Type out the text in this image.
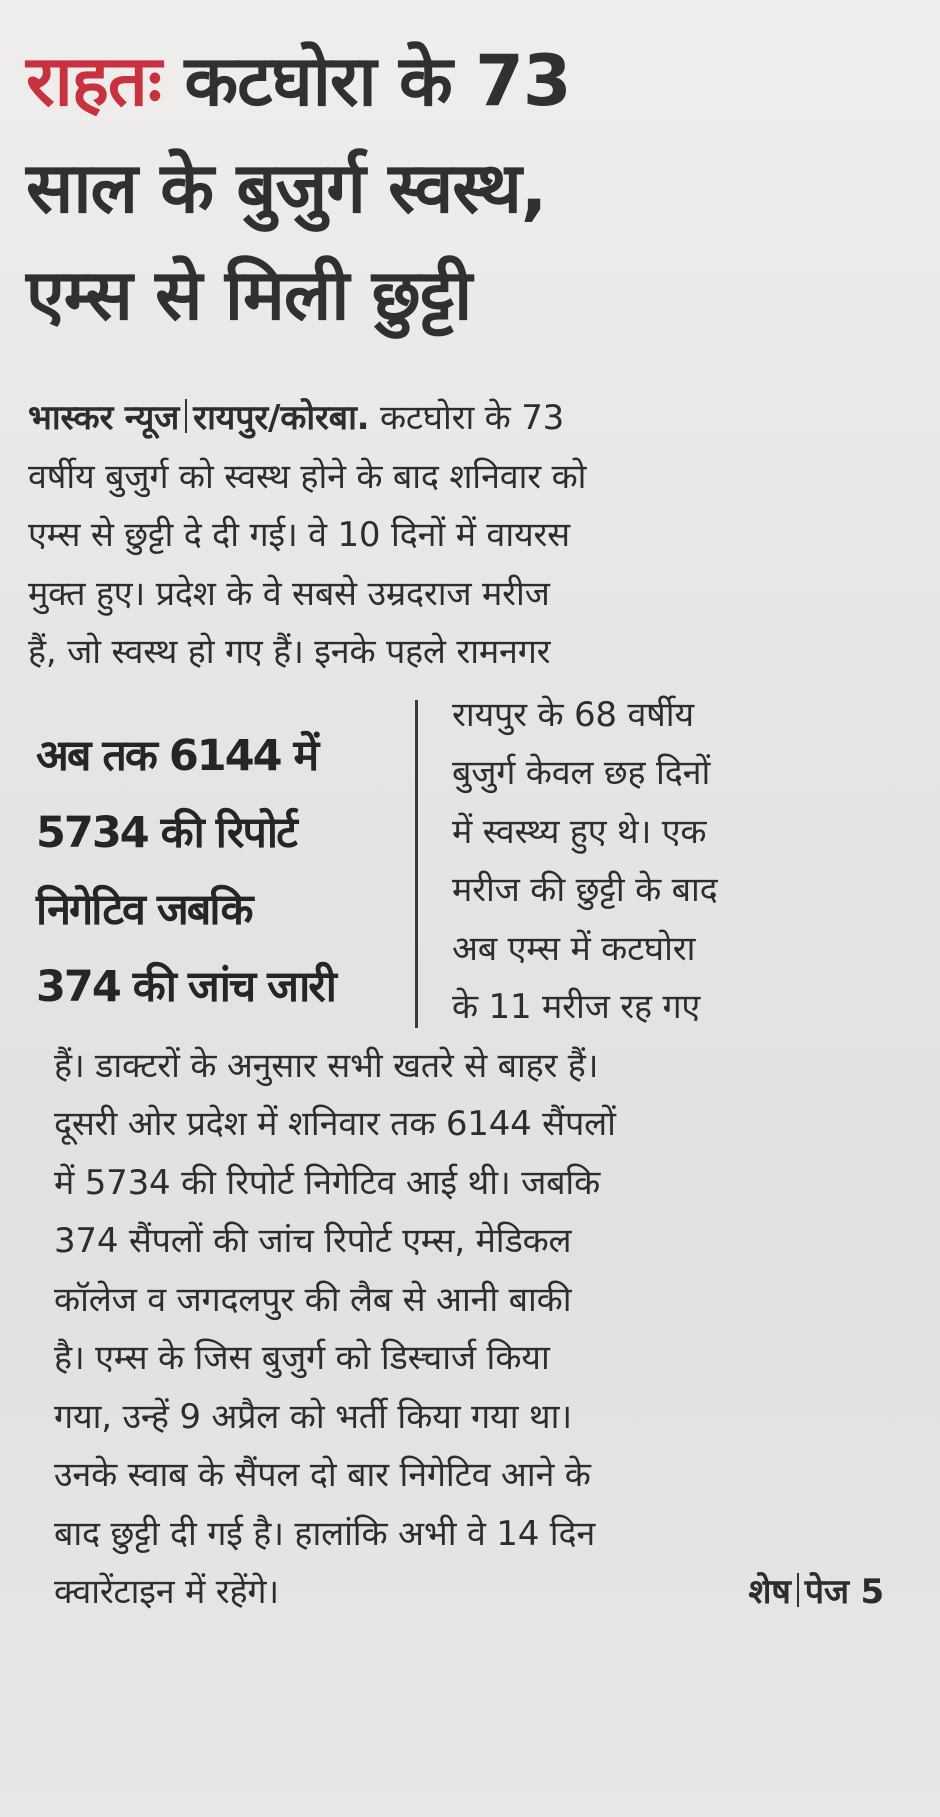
राहतः कटघोरा के 73
साल के बुजुर्ग स्वस्थ,
एम्स से मिली छुट्टी
भास्कर न्यूज रायपुर/कोरबा. कटघोरा के 73
वर्षीय बुजुर्ग को स्वस्थ होने के बाद शनिवार को
एम्स से छुट्टी दे दी गई। वे 10 दिनों में वायरस
मुक्त हुए। प्रदेश के वे सबसे उम्रदराज मरीज
हैं, जो स्वस्थ हो गए हैं। इनके पहले रामनगर
अब तक 6144 में
5734 की रिपोर्ट
निगेटिव जबकि
374 की जांच जारी
रायपुर के 68 वर्षीय
बुजुर्ग केवल छह दिनों
में स्वस्थ्य हुए थे। एक
मरीज की छुट्टी के बाद
अब एम्स में कटघोरा
के 11 मरीज रह गए
हैं। डाक्टरों के अनुसार सभी खतरे से बाहर हैं।
दूसरी ओर प्रदेश में शनिवार तक 6144 सैंपलों
में 5734 की रिपोर्ट निगेटिव आई थी। जबकि
374 सैंपलों की जांच रिपोर्ट एम्स, मेडिकल
कॉलेज व जगदलपुर की लैब से आनी बाकी
है। एम्स के जिस बुजुर्ग को डिस्चार्ज किया
गया, उन्हें 9 अप्रैल को भर्ती किया गया था।
उनके स्वाब के सैंपल दो बार निगेटिव आने के
बाद छुट्टी दी गई है। हालांकि अभी वे 14 दिन
क्वारेंटाइन में रहेंगे।	शेष पेज 5
